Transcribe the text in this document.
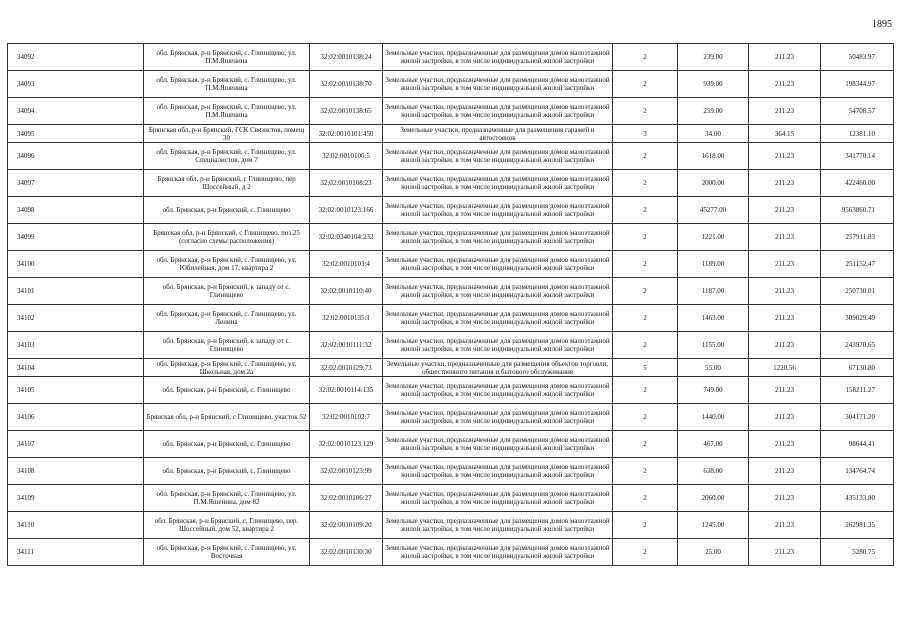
1895
34092	обл. Брянская, р-н Брянский, с. Глинищево, ул. П.М.Яшенина	32:02:0010138:24	Земельные участки, предназначенные для размещения домов малоэтажной жилой застройки, в том числе индивидуальной жилой застройки	2	239.00	211.23	50483.97
34093	обл. Брянская, р-н Брянский, с. Глинищево, ул. П.М.Яшенина	32:02:0010138:70	Земельные участки, предназначенные для размещения домов малоэтажной жилой застройки, в том числе индивидуальной жилой застройки	2	939.00	211.23	198344.97
34094	обл. Брянская, р-н Брянский, с. Глинищево, ул. П.М.Яшенина	32:02:0010138:65	Земельные участки, предназначенные для размещения домов малоэтажной жилой застройки, в том числе индивидуальной жилой застройки	2	259.00	211.23	54708.57
34095	Брянская обл, р-н Брянский, ГСК Связистов, помещ 30	32:02:0010101:450	Земельные участки, предназначенные для размещения гаражей и автостоянок	3	34.00	364.15	12381.10
34096	обл. Брянская, р-н Брянский, с. Глинищево, ул. Специалистов, дом 7	32:02:0010106:5	Земельные участки, предназначенные для размещения домов малоэтажной жилой застройки, в том числе индивидуальной жилой застройки	2	1618.00	211.23	341770.14
34097	Брянская обл, р-н Брянский, с Глинищево, пер Шоссейный, д 2	32:02:0010108:23	Земельные участки, предназначенные для размещения домов малоэтажной жилой застройки, в том числе индивидуальной жилой застройки	2	2000.00	211.23	422460.00
34098	обл. Брянская, р-н Брянский, с. Глинищево	32:02:0010123:166	Земельные участки, предназначенные для размещения домов малоэтажной жилой застройки, в том числе индивидуальной жилой застройки	2	45277.00	211.23	9563860.71
34099	Брянская обл, р-н Брянский, с Глинищево, поз.25 (согласно схемы расположения)	32:02:0340104:232	Земельные участки, предназначенные для размещения домов малоэтажной жилой застройки, в том числе индивидуальной жилой застройки	2	1221.00	211.23	257911.83
34100	обл. Брянская, р-н Брянский, с. Глинищево, ул. Юбилейная, дом 17, квартира 2	32:02:0010103:4	Земельные участки, предназначенные для размещения домов малоэтажной жилой застройки, в том числе индивидуальной жилой застройки	2	1189.00	211.23	251152.47
34101	обл. Брянская, р-н Брянский, к западу от с. Глинищево	32:02:0010110:40	Земельные участки, предназначенные для размещения домов малоэтажной жилой застройки, в том числе индивидуальной жилой застройки	2	1187.00	211.23	250730.01
34102	обл. Брянская, р-н Брянский, с. Глинищево, ул. Ленина	32:02:0010135:1	Земельные участки, предназначенные для размещения домов малоэтажной жилой застройки, в том числе индивидуальной жилой застройки	2	1463.00	211.23	309029.49
34103	обл. Брянская, р-н Брянский, к западу от с. Глинищево	32:02:0010111:32	Земельные участки, предназначенные для размещения домов малоэтажной жилой застройки, в том числе индивидуальной жилой застройки	2	1155.00	211.23	243970.65
34104	обл. Брянская, р-н Брянский, с. Глинищево, ул. Школьная, дом 2а	32:02:0010129:73	Земельные участки, предназначенные для размещения объектов торговли, общественного питания и бытового обслуживания	5	55.00	1220.56	67130.80
34105	обл. Брянская, р-н Брянский, с. Глинищево	32:02:0010114:135	Земельные участки, предназначенные для размещения домов малоэтажной жилой застройки, в том числе индивидуальной жилой застройки	2	749.00	211.23	158211.27
34106	Брянская обл, р-н Брянский, с Глинищево, участок 52	32:02:0010102:7	Земельные участки, предназначенные для размещения домов малоэтажной жилой застройки, в том числе индивидуальной жилой застройки	2	1440.00	211.23	304171.20
34107	обл. Брянская, р-н Брянский, с. Глинищево	32:02:0010123:129	Земельные участки, предназначенные для размещения домов малоэтажной жилой застройки, в том числе индивидуальной жилой застройки	2	467.00	211.23	98644.41
34108	обл. Брянская, р-н Брянский, с. Глинищево	32:02:0010123:99	Земельные участки, предназначенные для размещения домов малоэтажной жилой застройки, в том числе индивидуальной жилой застройки	2	638.00	211.23	134764.74
34109	обл. Брянская, р-н Брянский, с. Глинищево, ул. П.М.Яшенина, дом 82	32:02:0010106:27	Земельные участки, предназначенные для размещения домов малоэтажной жилой застройки, в том числе индивидуальной жилой застройки	2	2060.00	211.23	435133.80
34110	обл. Брянская, р-н Брянский, с. Глинищево, пер. Шоссейный, дом 52, квартира 2	32:02:0010109:20	Земельные участки, предназначенные для размещения домов малоэтажной жилой застройки, в том числе индивидуальной жилой застройки	2	1245.00	211.23	262981.35
34111	обл. Брянская, р-н Брянский, с. Глинищево, ул. Восточная	32:02:0010130:30	Земельные участки, предназначенные для размещения домов малоэтажной жилой застройки, в том числе индивидуальной жилой застройки	2	25.00	211.23	5280.75
